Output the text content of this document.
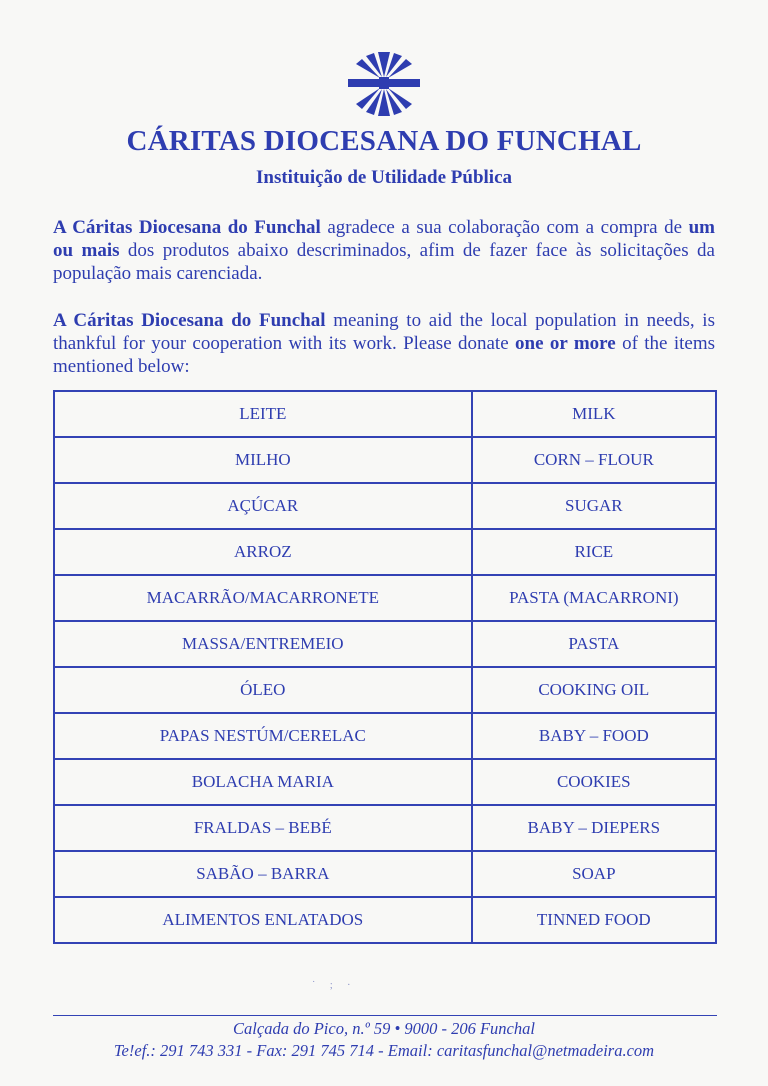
CÁRITAS DIOCESANA DO FUNCHAL
Instituição de Utilidade Pública
A Cáritas Diocesana do Funchal agradece a sua colaboração com a compra de um ou mais dos produtos abaixo descriminados, afim de fazer face às solicitações da população mais carenciada.
A Cáritas Diocesana do Funchal meaning to aid the local population in needs, is thankful for your cooperation with its work. Please donate one or more of the items mentioned below:
LEITE	MILK
MILHO	CORN – FLOUR
AÇÚCAR	SUGAR
ARROZ	RICE
MACARRÃO/MACARRONETE	PASTA (MACARRONI)
MASSA/ENTREMEIO	PASTA
ÓLEO	COOKING OIL
PAPAS NESTÚM/CERELAC	BABY – FOOD
BOLACHA MARIA	COOKIES
FRALDAS – BEBÉ	BABY – DIEPERS
SABÃO – BARRA	SOAP
ALIMENTOS ENLATADOS	TINNED FOOD
˙ ; ·
Calçada do Pico, n.º 59 • 9000 - 206 Funchal
Te!ef.: 291 743 331 - Fax: 291 745 714 - Email: caritasfunchal@netmadeira.com
